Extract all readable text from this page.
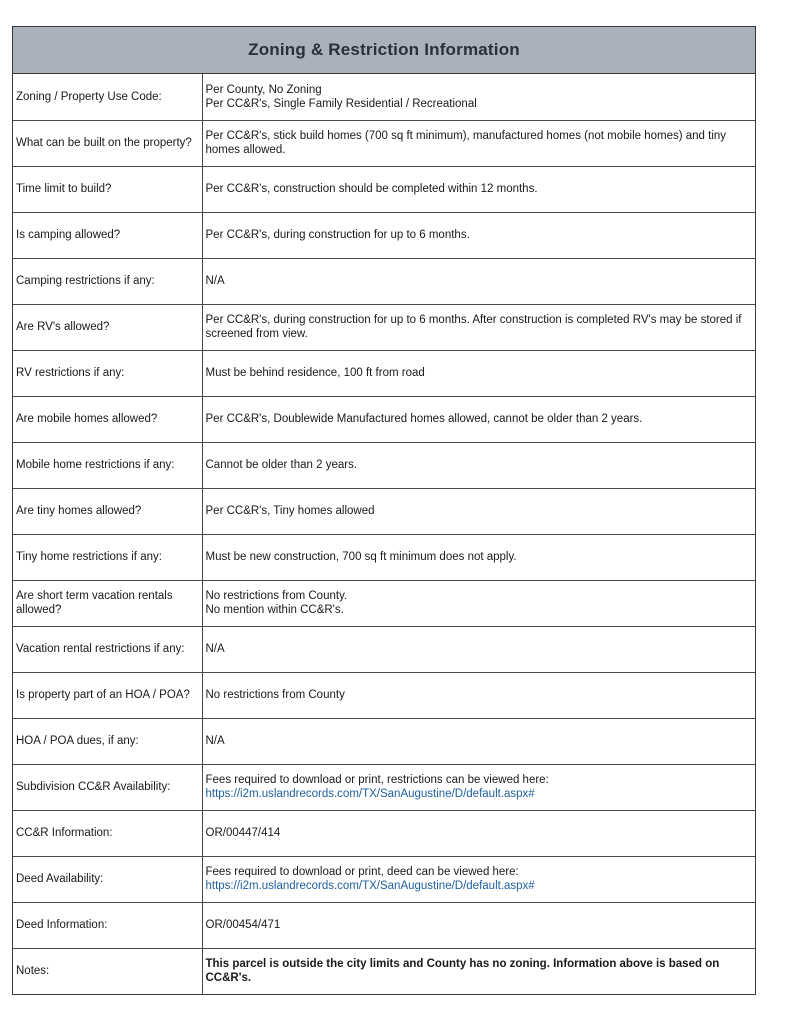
Zoning & Restriction Information
Zoning / Property Use Code:	Per County, No Zoning
Per CC&R's, Single Family Residential / Recreational

What can be built on the property?	Per CC&R's, stick build homes (700 sq ft minimum), manufactured homes (not mobile homes) and tiny homes allowed.

Time limit to build?	Per CC&R's, construction should be completed within 12 months.

Is camping allowed?	Per CC&R's, during construction for up to 6 months.

Camping restrictions if any:	N/A

Are RV's allowed?	Per CC&R's, during construction for up to 6 months. After construction is completed RV's may be stored if screened from view.

RV restrictions if any:	Must be behind residence, 100 ft from road

Are mobile homes allowed?	Per CC&R's, Doublewide Manufactured homes allowed, cannot be older than 2 years.

Mobile home restrictions if any:	Cannot be older than 2 years.

Are tiny homes allowed?	Per CC&R's, Tiny homes allowed

Tiny home restrictions if any:	Must be new construction, 700 sq ft minimum does not apply.

Are short term vacation rentals allowed?	No restrictions from County.
No mention within CC&R's.

Vacation rental restrictions if any:	N/A

Is property part of an HOA / POA?	No restrictions from County

HOA / POA dues, if any:	N/A

Subdivision CC&R Availability:	Fees required to download or print, restrictions can be viewed here:
https://i2m.uslandrecords.com/TX/SanAugustine/D/default.aspx#

CC&R Information:	OR/00447/414

Deed Availability:	Fees required to download or print, deed can be viewed here:
https://i2m.uslandrecords.com/TX/SanAugustine/D/default.aspx#

Deed Information:	OR/00454/471

Notes:	This parcel is outside the city limits and County has no zoning. Information above is based on CC&R's.
